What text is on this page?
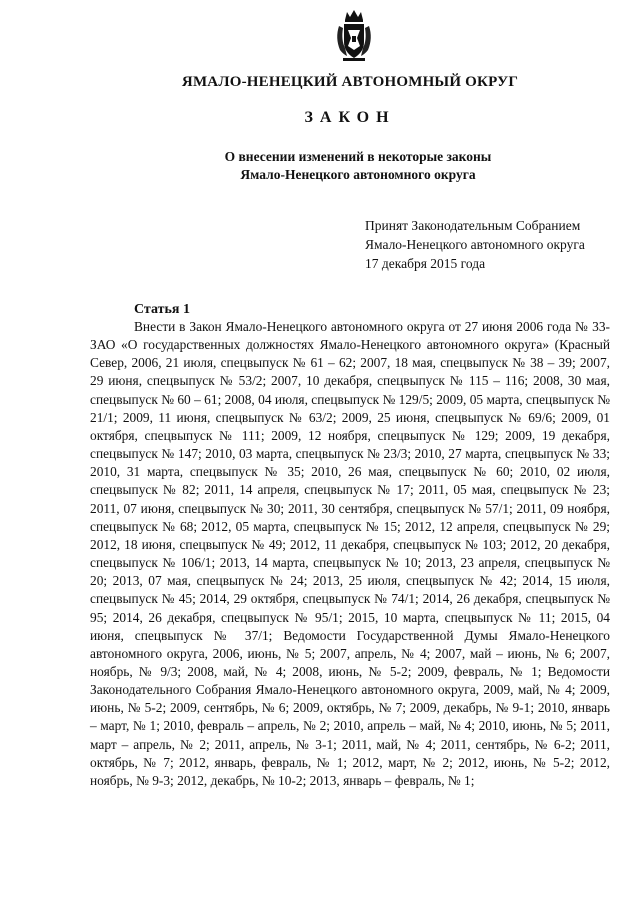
ЯМАЛО-НЕНЕЦКИЙ АВТОНОМНЫЙ ОКРУГ
ЗАКОН
О внесении изменений в некоторые законы
Ямало-Ненецкого автономного округа
Принят Законодательным Собранием
Ямало-Ненецкого автономного округа
17 декабря 2015 года
Статья 1

Внести в Закон Ямало-Ненецкого автономного округа от 27 июня 2006 года № 33-ЗАО «О государственных должностях Ямало-Ненецкого автономного округа» (Красный Север, 2006, 21 июля, спецвыпуск № 61 – 62; 2007, 18 мая, спецвыпуск № 38 – 39; 2007, 29 июня, спецвыпуск № 53/2; 2007, 10 декабря, спецвыпуск № 115 – 116; 2008, 30 мая, спецвыпуск № 60 – 61; 2008, 04 июля, спецвыпуск № 129/5; 2009, 05 марта, спецвыпуск № 21/1; 2009, 11 июня, спецвыпуск № 63/2; 2009, 25 июня, спецвыпуск № 69/6; 2009, 01 октября, спецвыпуск № 111; 2009, 12 ноября, спецвыпуск № 129; 2009, 19 декабря, спецвыпуск № 147; 2010, 03 марта, спецвыпуск № 23/3; 2010, 27 марта, спецвыпуск № 33; 2010, 31 марта, спецвыпуск № 35; 2010, 26 мая, спецвыпуск № 60; 2010, 02 июля, спецвыпуск № 82; 2011, 14 апреля, спецвыпуск № 17; 2011, 05 мая, спецвыпуск № 23; 2011, 07 июня, спецвыпуск № 30; 2011, 30 сентября, спецвыпуск № 57/1; 2011, 09 ноября, спецвыпуск № 68; 2012, 05 марта, спецвыпуск № 15; 2012, 12 апреля, спецвыпуск № 29; 2012, 18 июня, спецвыпуск № 49; 2012, 11 декабря, спецвыпуск № 103; 2012, 20 декабря, спецвыпуск № 106/1; 2013, 14 марта, спецвыпуск № 10; 2013, 23 апреля, спецвыпуск № 20; 2013, 07 мая, спецвыпуск № 24; 2013, 25 июля, спецвыпуск № 42; 2014, 15 июля, спецвыпуск № 45; 2014, 29 октября, спецвыпуск № 74/1; 2014, 26 декабря, спецвыпуск № 95; 2014, 26 декабря, спецвыпуск № 95/1; 2015, 10 марта, спецвыпуск № 11; 2015, 04 июня, спецвыпуск № 37/1; Ведомости Государственной Думы Ямало-Ненецкого автономного округа, 2006, июнь, № 5; 2007, апрель, № 4; 2007, май – июнь, № 6; 2007, ноябрь, № 9/3; 2008, май, № 4; 2008, июнь, № 5-2; 2009, февраль, № 1; Ведомости Законодательного Собрания Ямало-Ненецкого автономного округа, 2009, май, № 4; 2009, июнь, № 5-2; 2009, сентябрь, № 6; 2009, октябрь, № 7; 2009, декабрь, № 9-1; 2010, январь – март, № 1; 2010, февраль – апрель, № 2; 2010, апрель – май, № 4; 2010, июнь, № 5; 2011, март – апрель, № 2; 2011, апрель, № 3-1; 2011, май, № 4; 2011, сентябрь, № 6-2; 2011, октябрь, № 7; 2012, январь, февраль, № 1; 2012, март, № 2; 2012, июнь, № 5-2; 2012, ноябрь, № 9-3; 2012, декабрь, № 10-2; 2013, январь – февраль, № 1;
